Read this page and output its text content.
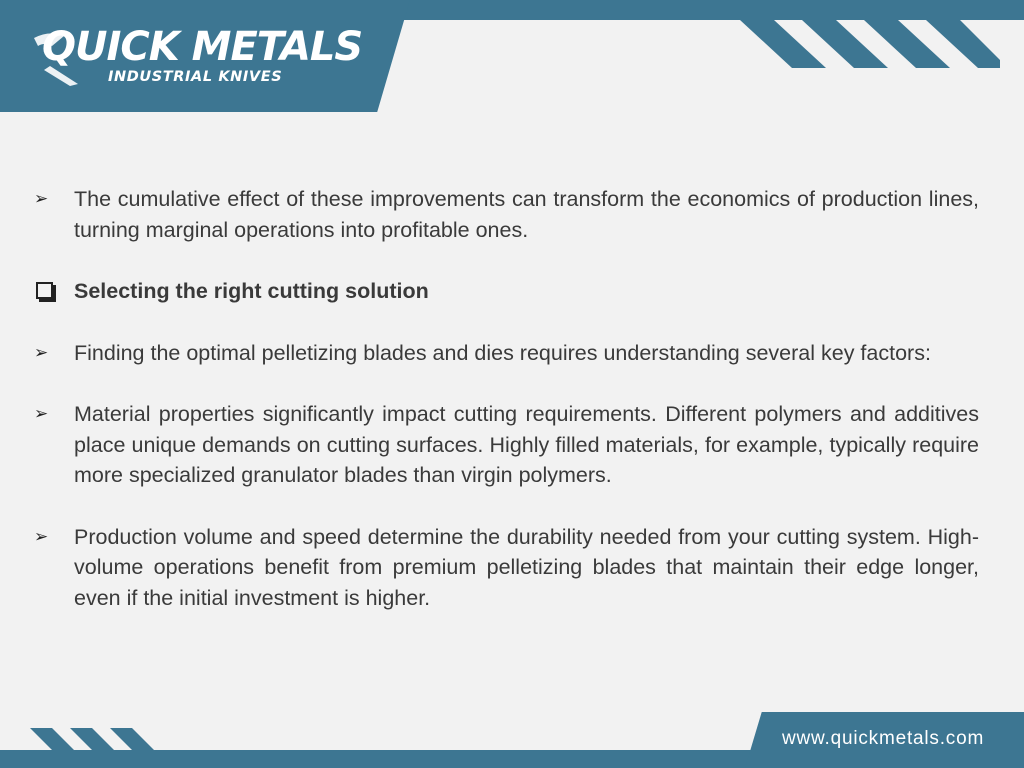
QUICK METALS
INDUSTRIAL KNIVES
➢	The cumulative effect of these improvements can transform the economics of production lines, turning marginal operations into profitable ones.
Selecting the right cutting solution
➢	Finding the optimal pelletizing blades and dies requires understanding several key factors:
➢	Material properties significantly impact cutting requirements. Different polymers and additives place unique demands on cutting surfaces. Highly filled materials, for example, typically require more specialized granulator blades than virgin polymers.
➢	Production volume and speed determine the durability needed from your cutting system. High-volume operations benefit from premium pelletizing blades that maintain their edge longer, even if the initial investment is higher.
www.quickmetals.com
